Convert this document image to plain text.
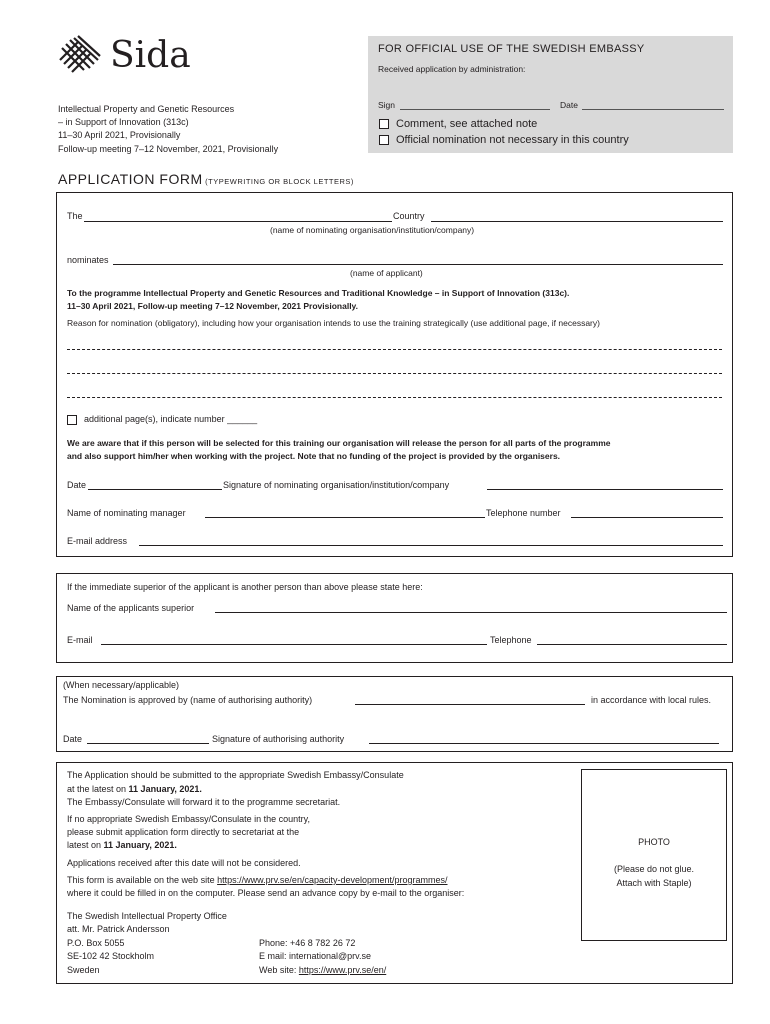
Sida
Intellectual Property and Genetic Resources
– in Support of Innovation (313c)
11–30 April 2021, Provisionally
Follow-up meeting 7–12 November, 2021, Provisionally
FOR OFFICIAL USE OF THE SWEDISH EMBASSY
Received application by administration:
Sign	Date
Comment, see attached note
Official nomination not necessary in this country
APPLICATION FORM (TYPEWRITING OR BLOCK LETTERS)
The	Country
(name of nominating organisation/institution/company)
nominates
(name of applicant)
To the programme Intellectual Property and Genetic Resources and Traditional Knowledge – in Support of Innovation (313c).
11–30 April 2021, Follow-up meeting 7–12 November, 2021 Provisionally.
Reason for nomination (obligatory), including how your organisation intends to use the training strategically (use additional page, if necessary)
additional page(s), indicate number ______
We are aware that if this person will be selected for this training our organisation will release the person for all parts of the programme
and also support him/her when working with the project. Note that no funding of the project is provided by the organisers.
Date	Signature of nominating organisation/institution/company
Name of nominating manager	Telephone number
E-mail address
If the immediate superior of the applicant is another person than above please state here:
Name of the applicants superior
E-mail	Telephone
(When necessary/applicable)
The Nomination is approved by (name of authorising authority)	in accordance with local rules.
Date	Signature of authorising authority
The Application should be submitted to the appropriate Swedish Embassy/Consulate
at the latest on 11 January, 2021.
The Embassy/Consulate will forward it to the programme secretariat.
If no appropriate Swedish Embassy/Consulate in the country,
please submit application form directly to secretariat at the
latest on 11 January, 2021.
Applications received after this date will not be considered.
This form is available on the web site https://www.prv.se/en/capacity-development/programmes/
where it could be filled in on the computer. Please send an advance copy by e-mail to the organiser:
The Swedish Intellectual Property Office
att. Mr. Patrick Andersson
P.O. Box 5055
SE-102 42 Stockholm
Sweden
Phone: +46 8 782 26 72
E mail: international@prv.se
Web site: https://www.prv.se/en/
PHOTO
(Please do not glue.
Attach with Staple)
